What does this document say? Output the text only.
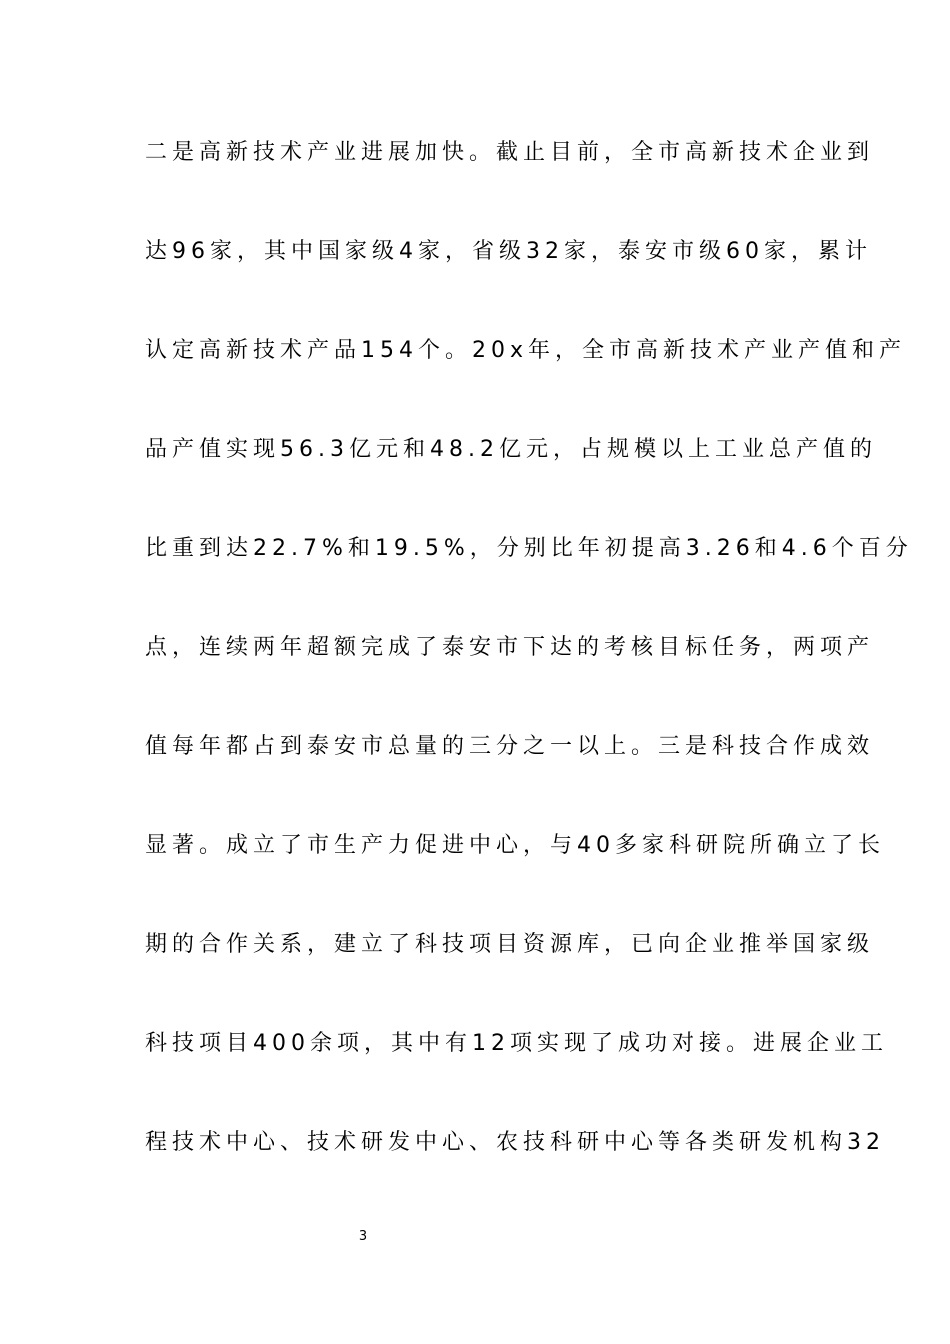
二是高新技术产业进展加快。截止目前，全市高新技术企业到
达96家，其中国家级4家，省级32家，泰安市级60家，累计
认定高新技术产品154个。20x年，全市高新技术产业产值和产
品产值实现56.3亿元和48.2亿元，占规模以上工业总产值的
比重到达22.7%和19.5%，分别比年初提高3.26和4.6个百分
点，连续两年超额完成了泰安市下达的考核目标任务，两项产
值每年都占到泰安市总量的三分之一以上。三是科技合作成效
显著。成立了市生产力促进中心，与40多家科研院所确立了长
期的合作关系，建立了科技项目资源库，已向企业推举国家级
科技项目400余项，其中有12项实现了成功对接。进展企业工
程技术中心、技术研发中心、农技科研中心等各类研发机构32
3
